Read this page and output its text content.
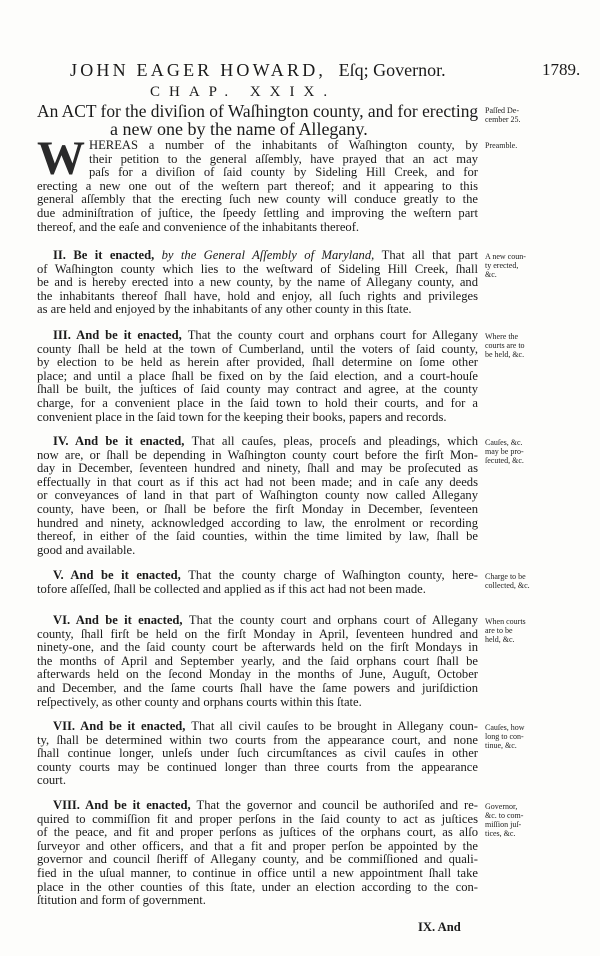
JOHN EAGER HOWARD, Eſq; Governor.	1789.
CHAP. XXIX.
An ACT for the diviſion of Waſhington county, and for erecting
a new one by the name of Allegany.
W HEREAS a number of the inhabitants of Waſhington county, by
their petition to the general aſſembly, have prayed that an act may
paſs for a diviſion of ſaid county by Sideling Hill Creek, and for
erecting a new one out of the weſtern part thereof; and it appearing to this
general aſſembly that the erecting ſuch new county will conduce greatly to the
due adminiſtration of juſtice, the ſpeedy ſettling and improving the weſtern part
thereof, and the eaſe and convenience of the inhabitants thereof.
II. Be it enacted, by the General Aſſembly of Maryland, That all that part
of Waſhington county which lies to the weſtward of Sideling Hill Creek, ſhall
be and is hereby erected into a new county, by the name of Allegany county, and
the inhabitants thereof ſhall have, hold and enjoy, all ſuch rights and privileges
as are held and enjoyed by the inhabitants of any other county in this ſtate.
III. And be it enacted, That the county court and orphans court for Allegany
county ſhall be held at the town of Cumberland, until the voters of ſaid county,
by election to be held as herein after provided, ſhall determine on ſome other
place; and until a place ſhall be fixed on by the ſaid election, and a court-houſe
ſhall be built, the juſtices of ſaid county may contract and agree, at the county
charge, for a convenient place in the ſaid town to hold their courts, and for a
convenient place in the ſaid town for the keeping their books, papers and records.
IV. And be it enacted, That all cauſes, pleas, proceſs and pleadings, which
now are, or ſhall be depending in Waſhington county court before the firſt Mon-
day in December, ſeventeen hundred and ninety, ſhall and may be proſecuted as
effectually in that court as if this act had not been made; and in caſe any deeds
or conveyances of land in that part of Waſhington county now called Allegany
county, have been, or ſhall be before the firſt Monday in December, ſeventeen
hundred and ninety, acknowledged according to law, the enrolment or recording
thereof, in either of the ſaid counties, within the time limited by law, ſhall be
good and available.
V. And be it enacted, That the county charge of Waſhington county, here-
tofore aſſeſſed, ſhall be collected and applied as if this act had not been made.
VI. And be it enacted, That the county court and orphans court of Allegany
county, ſhall firſt be held on the firſt Monday in April, ſeventeen hundred and
ninety-one, and the ſaid county court be afterwards held on the firſt Mondays in
the months of April and September yearly, and the ſaid orphans court ſhall be
afterwards held on the ſecond Monday in the months of June, Auguſt, October
and December, and the ſame courts ſhall have the ſame powers and juriſdiction
reſpectively, as other county and orphans courts within this ſtate.
VII. And be it enacted, That all civil cauſes to be brought in Allegany coun-
ty, ſhall be determined within two courts from the appearance court, and none
ſhall continue longer, unleſs under ſuch circumſtances as civil cauſes in other
county courts may be continued longer than three courts from the appearance
court.
VIII. And be it enacted, That the governor and council be authoriſed and re-
quired to commiſſion fit and proper perſons in the ſaid county to act as juſtices
of the peace, and fit and proper perſons as juſtices of the orphans court, as alſo
ſurveyor and other officers, and that a fit and proper perſon be appointed by the
governor and council ſheriff of Allegany county, and be commiſſioned and quali-
fied in the uſual manner, to continue in office until a new appointment ſhall take
place in the other counties of this ſtate, under an election according to the con-
ſtitution and form of government.
Paſſed De-
cember 25.
Preamble.
A new coun-
ty erected,
&c.
Where the
courts are to
be held, &c.
Cauſes, &c.
may be pro-
ſecuted, &c.
Charge to be
collected, &c.
When courts
are to be
held, &c.
Cauſes, how
long to con-
tinue, &c.
Governor,
&c. to com-
miſſion juſ-
tices, &c.
IX. And
